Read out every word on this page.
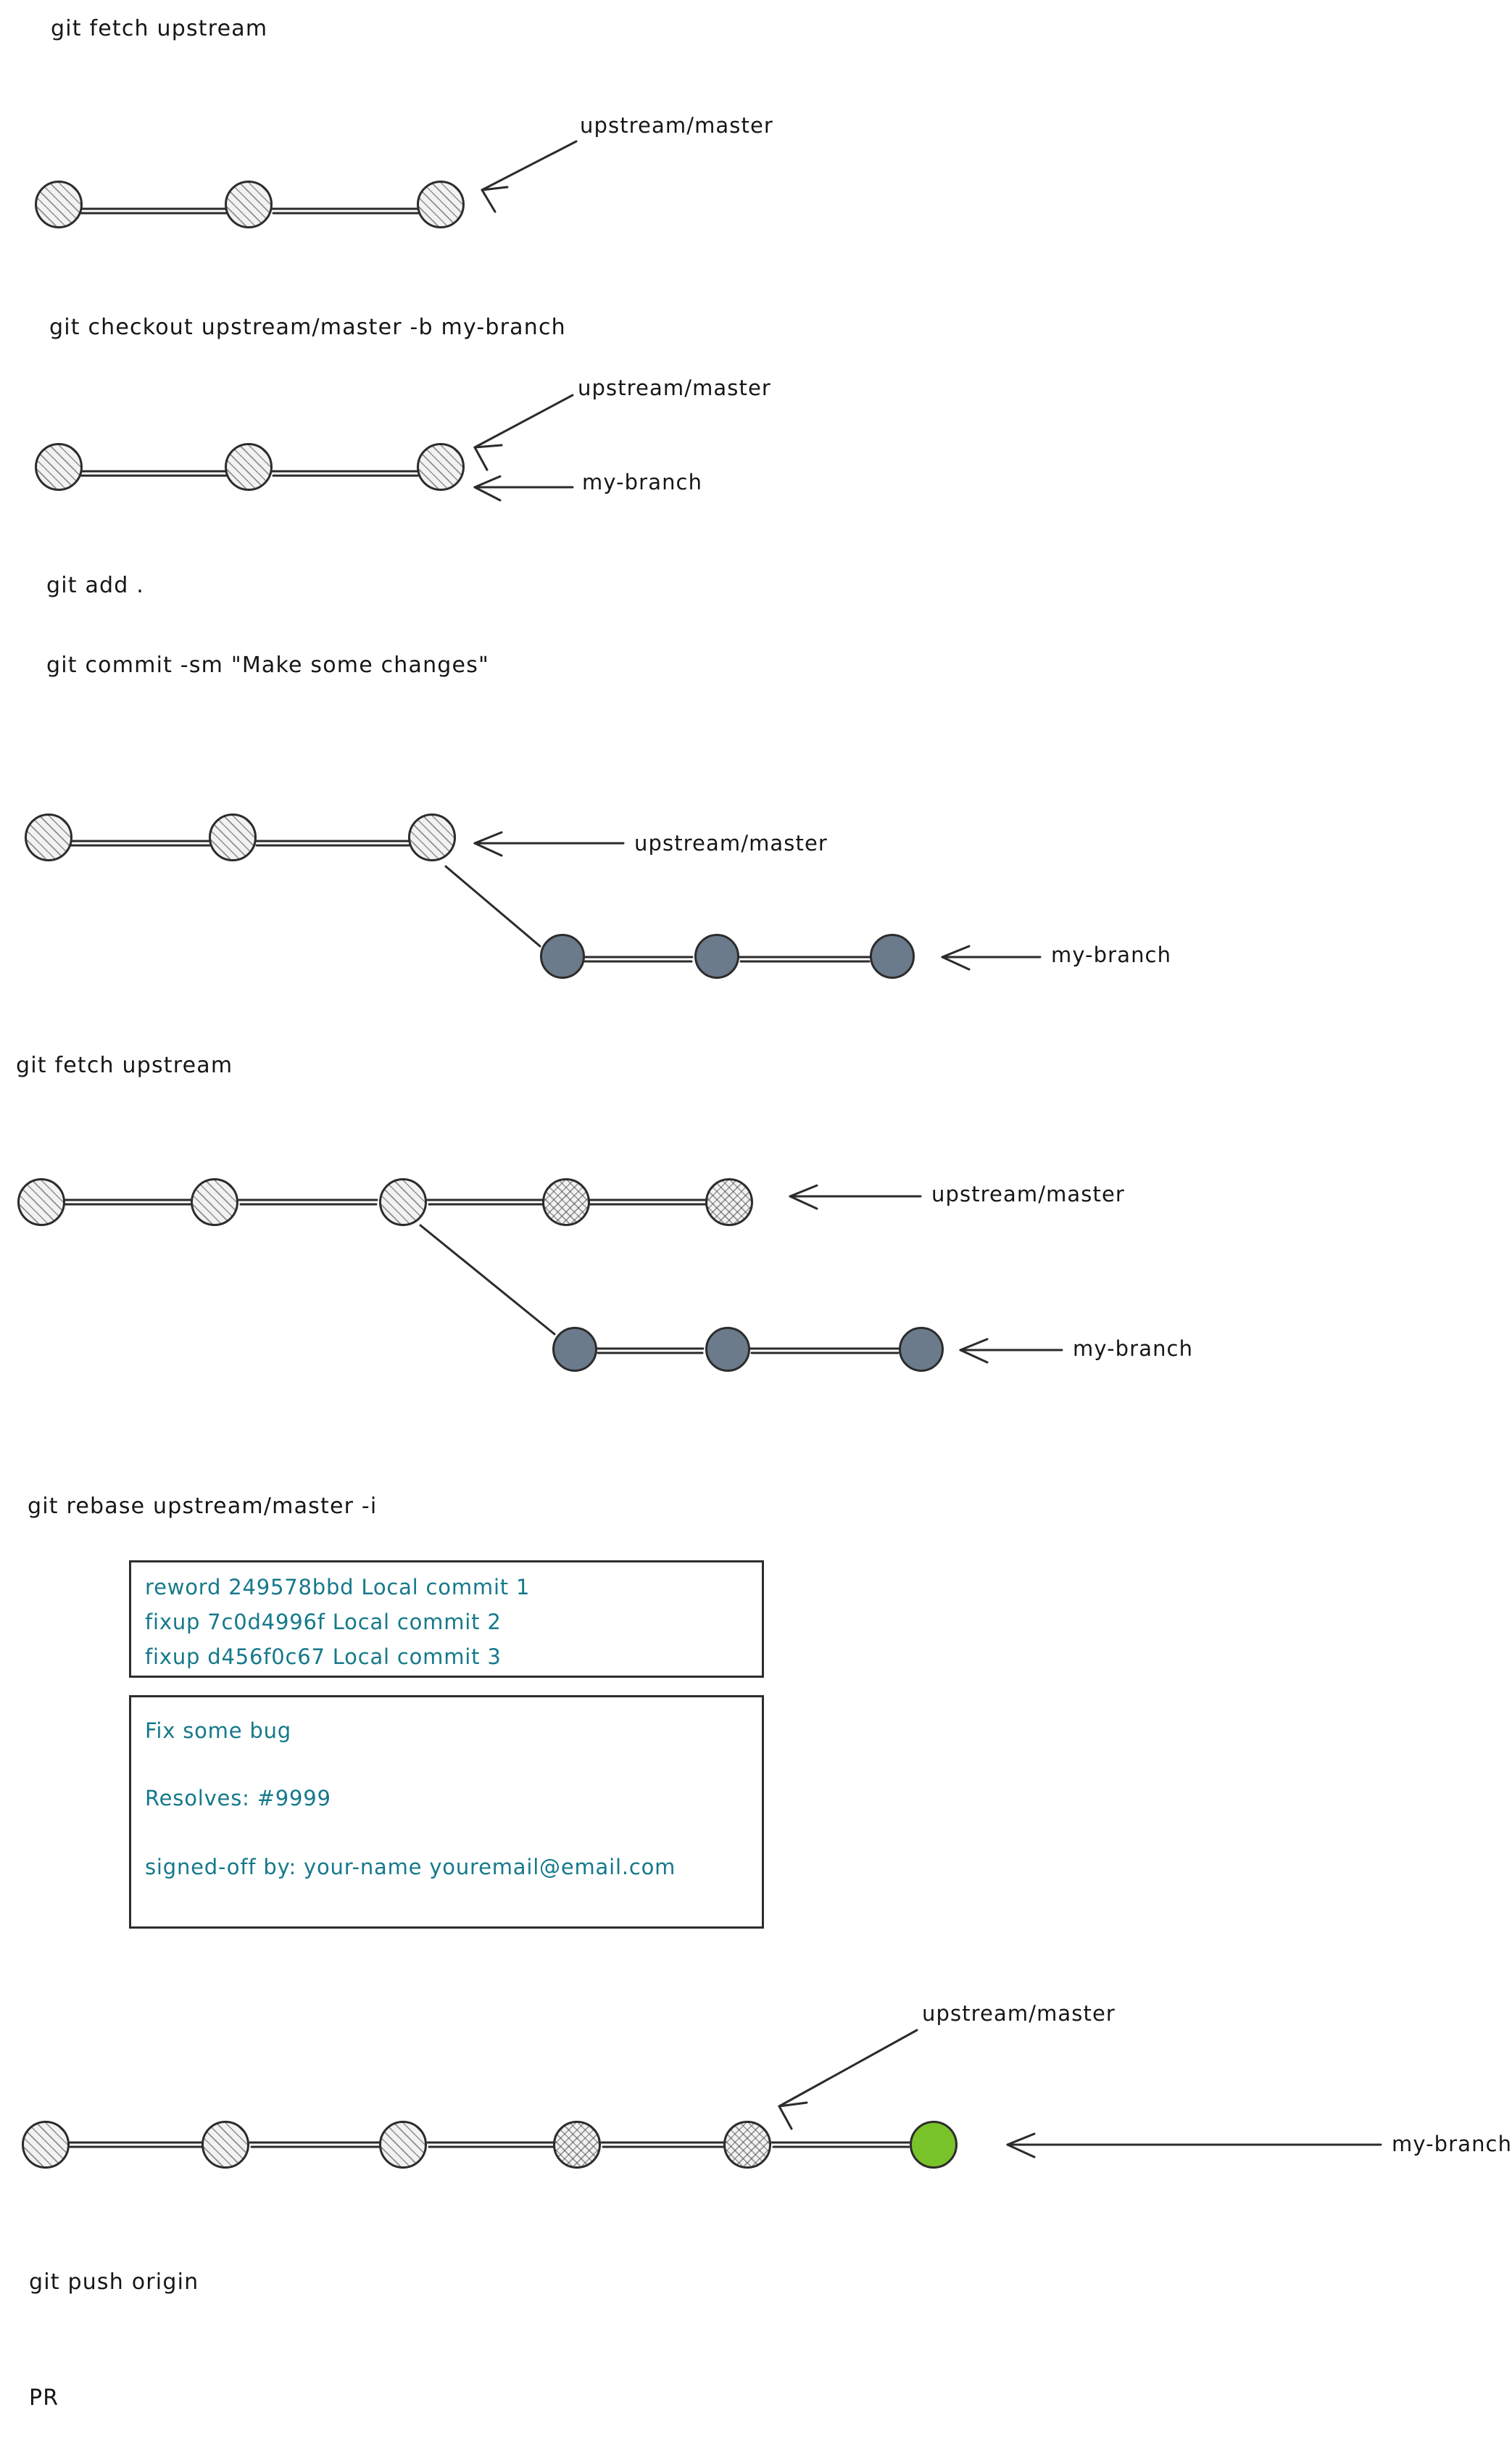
git fetch upstream
upstream/master
git checkout upstream/master -b my-branch
upstream/master
my-branch
git add .
git commit -sm "Make some changes"
upstream/master
my-branch
git fetch upstream
upstream/master
my-branch
git rebase upstream/master -i
reword 249578bbd Local commit 1
fixup 7c0d4996f Local commit 2
fixup d456f0c67 Local commit 3
Fix some bug
Resolves: #9999
signed-off by: your-name youremail@email.com
upstream/master
my-branch
git push origin
PR
